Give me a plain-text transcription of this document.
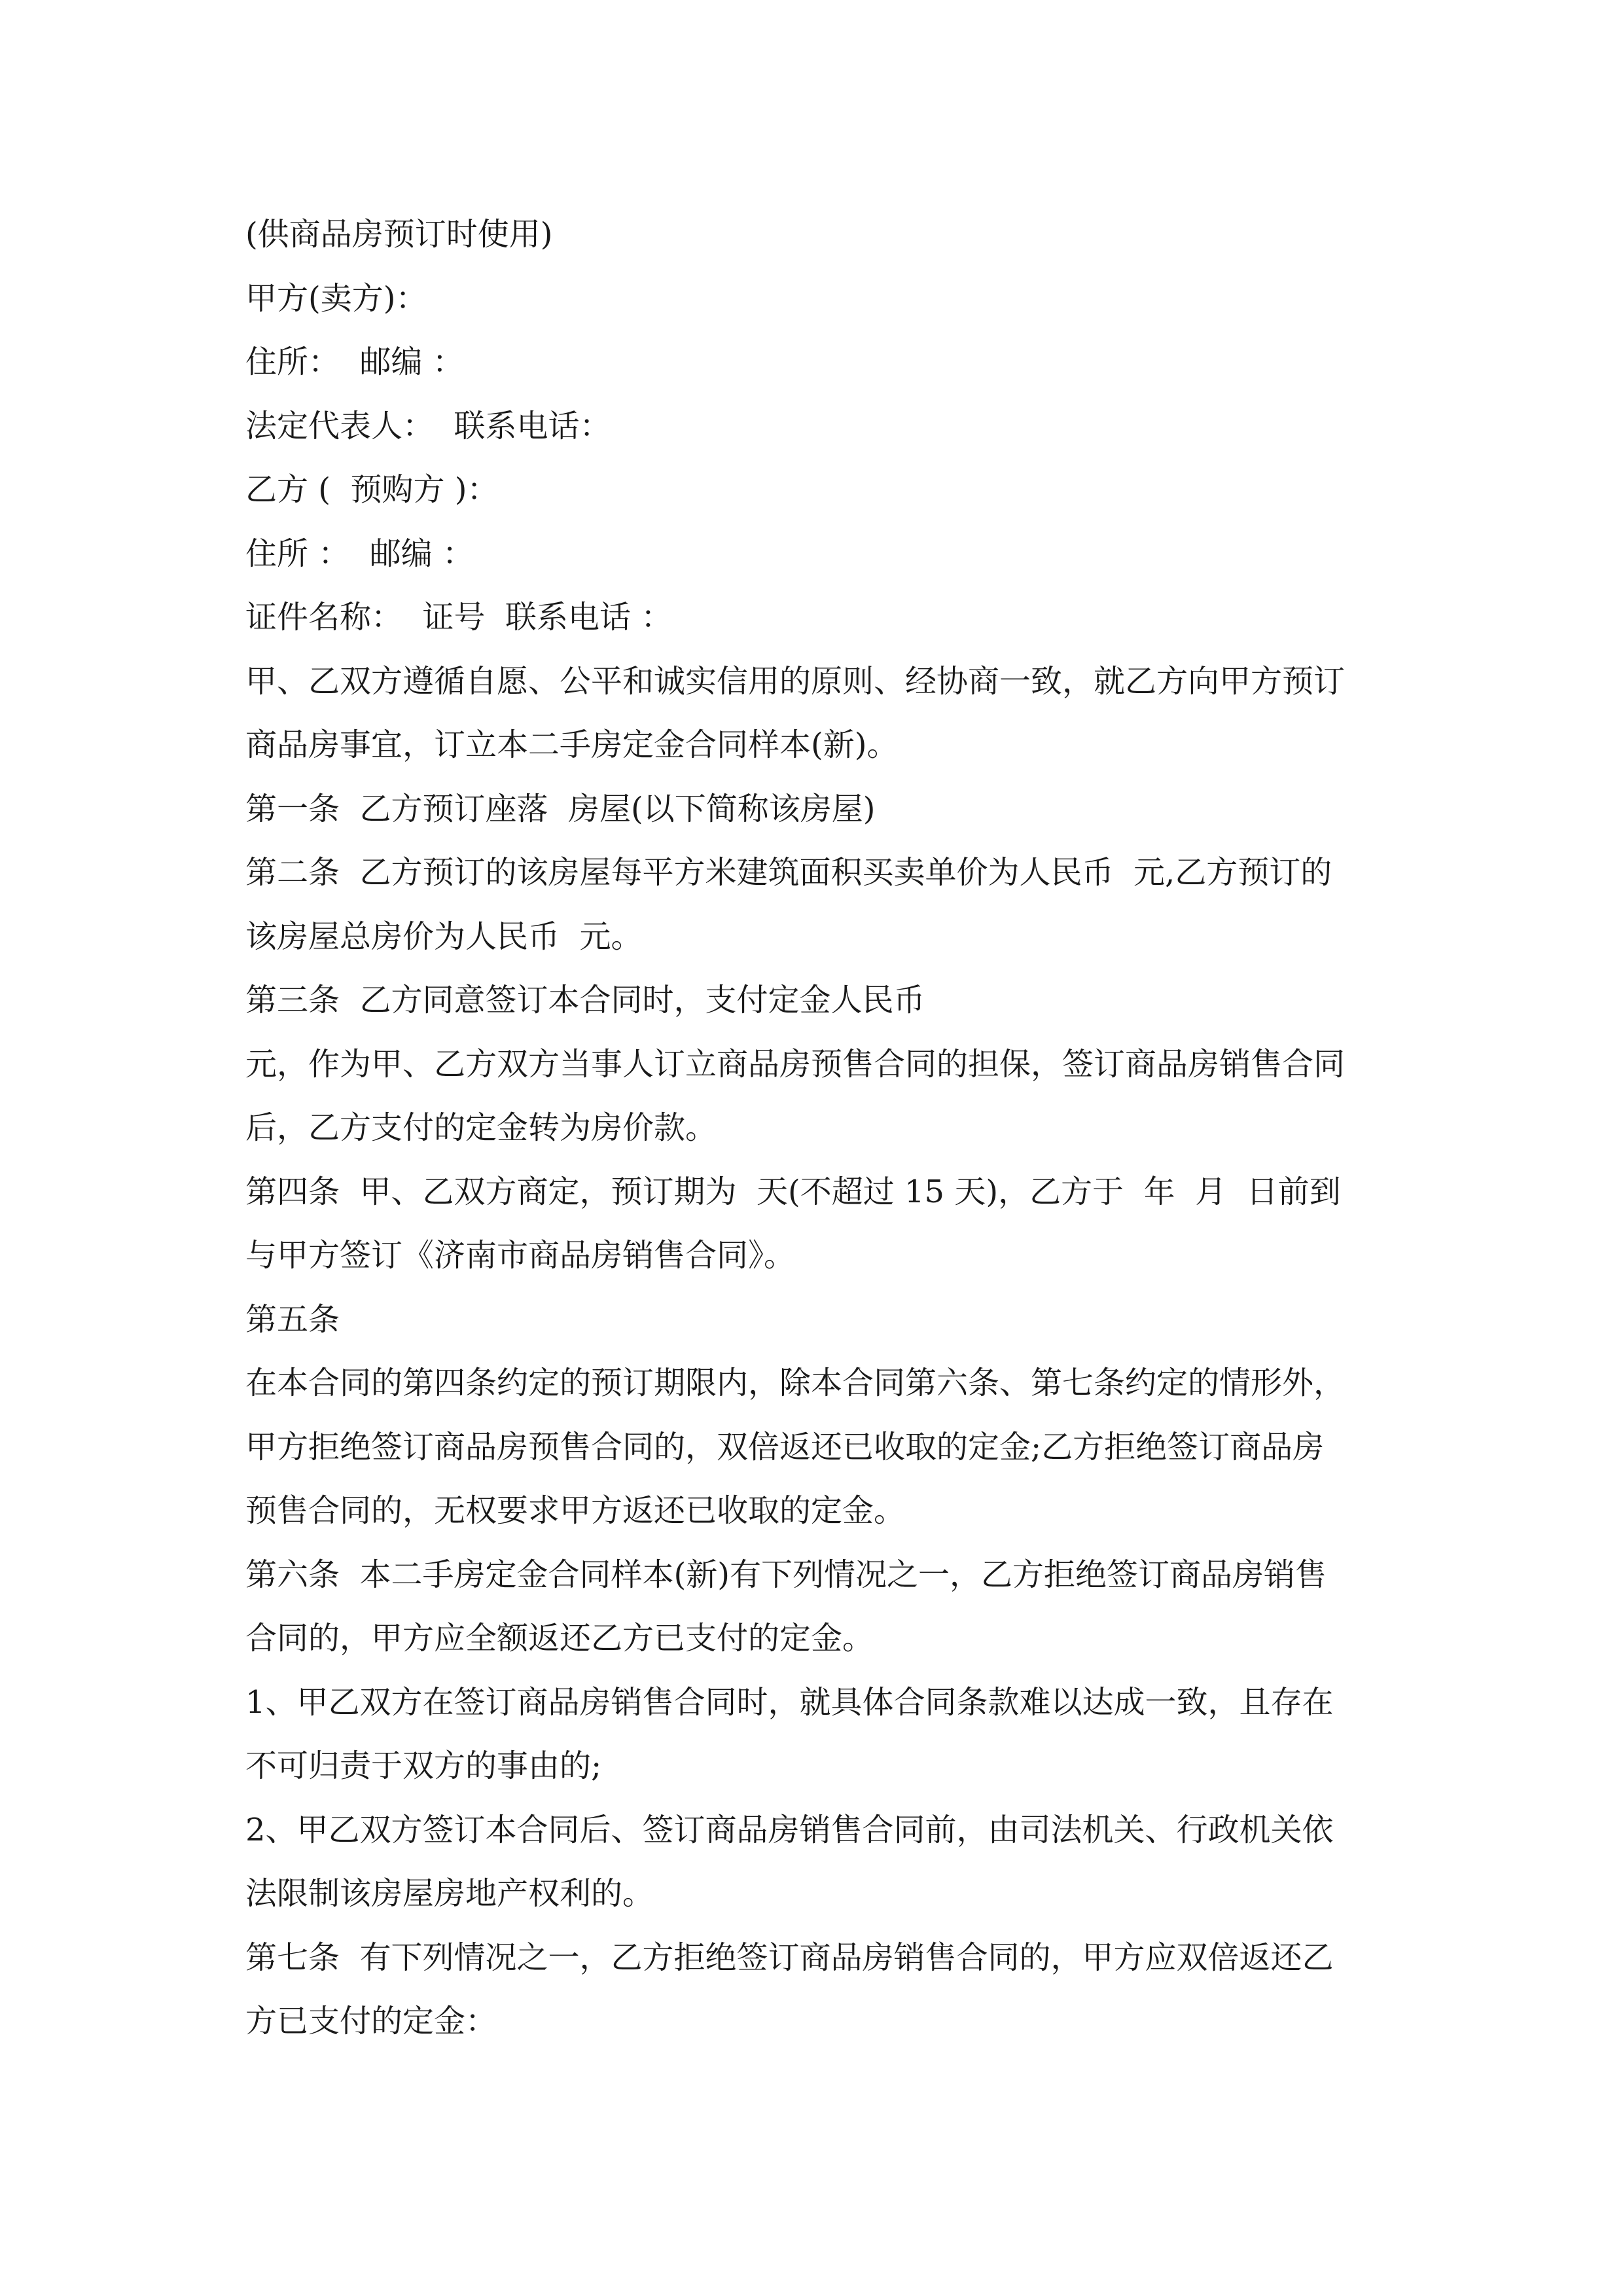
(供商品房预订时使用)
甲方(卖方)：
住所：  邮编 ：
法定代表人：  联系电话：
乙方 (  预购方 )：
住所 ：  邮编 ：
证件名称：  证号  联系电话 ：
甲、乙双方遵循自愿、公平和诚实信用的原则、经协商一致，就乙方向甲方预订
商品房事宜，订立本二手房定金合同样本(新)。
第一条  乙方预订座落  房屋(以下简称该房屋)
第二条  乙方预订的该房屋每平方米建筑面积买卖单价为人民币  元,乙方预订的
该房屋总房价为人民币  元。
第三条  乙方同意签订本合同时，支付定金人民币
元，作为甲、乙方双方当事人订立商品房预售合同的担保，签订商品房销售合同
后，乙方支付的定金转为房价款。
第四条  甲、乙双方商定，预订期为  天(不超过 15 天)，乙方于  年  月  日前到
与甲方签订《济南市商品房销售合同》。
第五条
在本合同的第四条约定的预订期限内，除本合同第六条、第七条约定的情形外，
甲方拒绝签订商品房预售合同的，双倍返还已收取的定金;乙方拒绝签订商品房
预售合同的，无权要求甲方返还已收取的定金。
第六条  本二手房定金合同样本(新)有下列情况之一，乙方拒绝签订商品房销售
合同的，甲方应全额返还乙方已支付的定金。
1、甲乙双方在签订商品房销售合同时，就具体合同条款难以达成一致，且存在
不可归责于双方的事由的;
2、甲乙双方签订本合同后、签订商品房销售合同前，由司法机关、行政机关依
法限制该房屋房地产权利的。
第七条  有下列情况之一，乙方拒绝签订商品房销售合同的，甲方应双倍返还乙
方已支付的定金：
